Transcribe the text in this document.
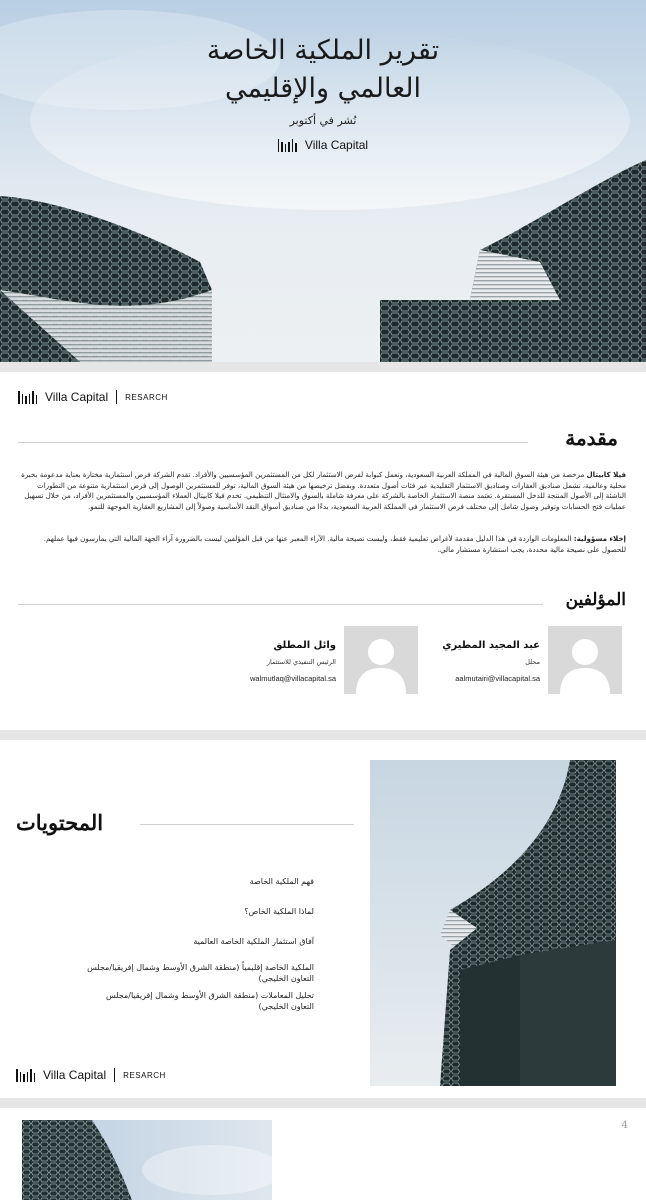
تقرير الملكية الخاصة
العالمي والإقليمي
نُشر في أكتوبر
Villa Capital
Villa Capital RESARCH
مقدمة
فيلا كابيتال مرخصة من هيئة السوق المالية في المملكة العربية السعودية، وتعمل كبوابة لفرص الاستثمار لكل من المستثمرين المؤسسيين والأفراد. تقدم الشركة فرص استثمارية مختارة بعناية مدعومة بخبرة محلية وعالمية، تشمل صناديق العقارات وصناديق الاستثمار التقليدية عبر فئات أصول متعددة. وبفضل ترخيصها من هيئة السوق المالية، توفر للمستثمرين الوصول إلى فرص استثمارية متنوعة من التطورات الناشئة إلى الأصول المنتجة للدخل المستقرة. تعتمد منصة الاستثمار الخاصة بالشركة على معرفة شاملة بالسوق والامتثال التنظيمي. تخدم فيلا كابيتال العملاء المؤسسيين والمستثمرين الأفراد، من خلال تسهيل عمليات فتح الحسابات وتوفير وصول شامل إلى مختلف فرص الاستثمار في المملكة العربية السعودية، بدءًا من صناديق أسواق النقد الأساسية وصولاً إلى المشاريع العقارية الموجهة للنمو.
إخلاء مسؤولية: المعلومات الواردة في هذا الدليل مقدمة لأغراض تعليمية فقط، وليست نصيحة مالية. الآراء المعبر عنها من قبل المؤلفين ليست بالضرورة آراء الجهة المالية التي يمارسون فيها عملهم. للحصول على نصيحة مالية محددة، يجب استشارة مستشار مالي.
المؤلفين
عبد المجيد المطيري
محلل
aalmutairi@villacapital.sa
وائل المطلق
الرئيس التنفيذي للاستثمار
walmutlaq@villacapital.sa
المحتويات
فهم الملكية الخاصة
لماذا الملكية الخاص؟
آفاق استثمار الملكية الخاصة العالمية
الملكية الخاصة إقليمياً (منطقة الشرق الأوسط وشمال إفريقيا/مجلس التعاون الخليجي)
تحليل المعاملات (منطقة الشرق الأوسط وشمال إفريقيا/مجلس التعاون الخليجي)
Villa Capital RESARCH
4
